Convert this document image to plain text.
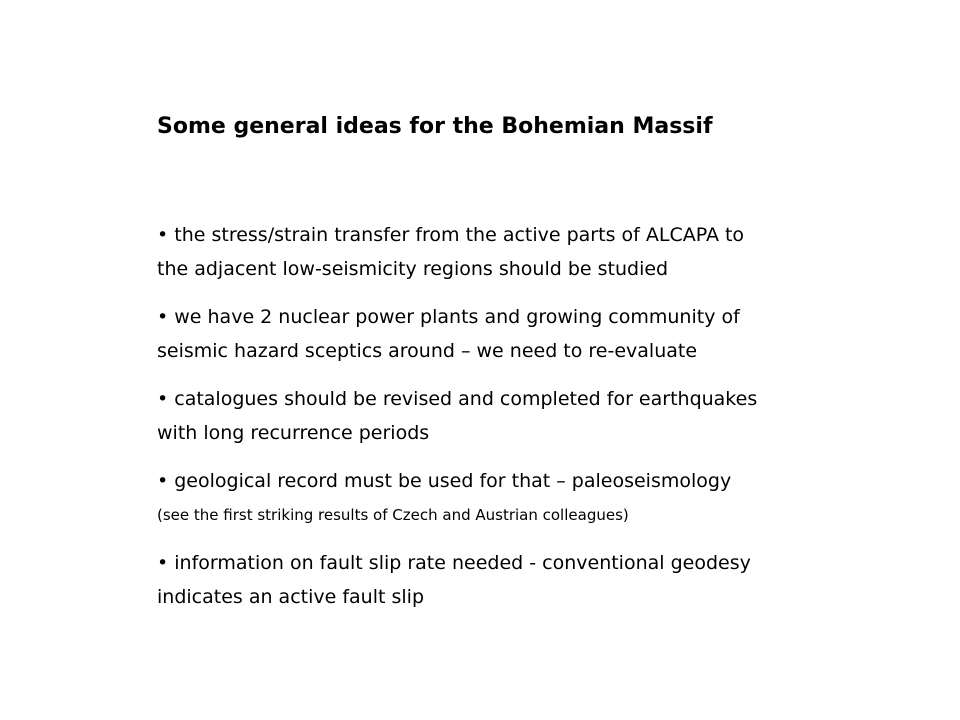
Some general ideas for the Bohemian Massif
• the stress/strain transfer from the active parts of ALCAPA to
the adjacent low-seismicity regions should be studied
• we have 2 nuclear power plants and growing community of
seismic hazard sceptics around – we need to re-evaluate
• catalogues should be revised and completed for earthquakes
with long recurrence periods
• geological record must be used for that – paleoseismology
(see the first striking results of Czech and Austrian colleagues)
• information on fault slip rate needed - conventional geodesy
indicates an active fault slip
